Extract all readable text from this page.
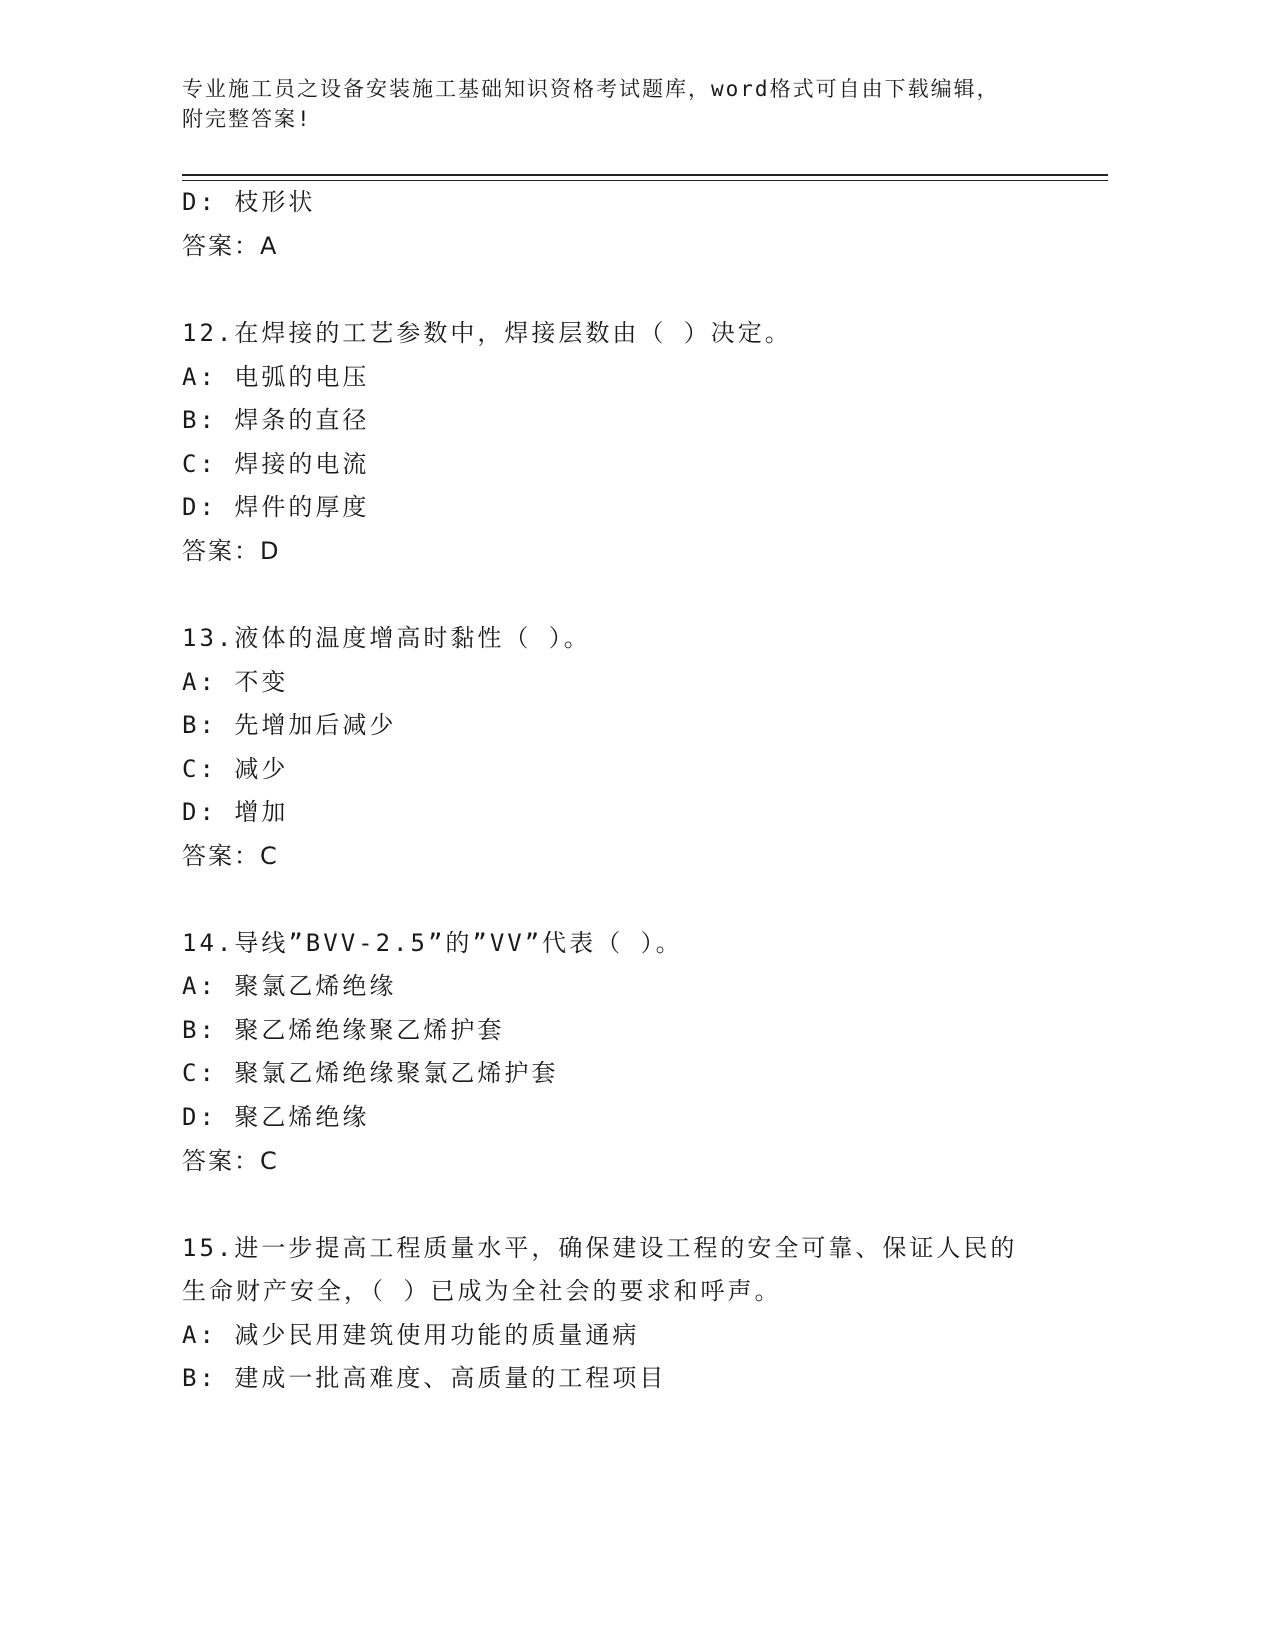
专业施工员之设备安装施工基础知识资格考试题库，word格式可自由下载编辑，
附完整答案!
D: 枝形状
答案：A
12.在焊接的工艺参数中，焊接层数由（ ）决定。
A: 电弧的电压
B: 焊条的直径
C: 焊接的电流
D: 焊件的厚度
答案：D
13.液体的温度增高时黏性（ ）。
A: 不变
B: 先增加后减少
C: 减少
D: 增加
答案：C
14.导线”BVV-2.5”的”VV”代表（ ）。
A: 聚氯乙烯绝缘
B: 聚乙烯绝缘聚乙烯护套
C: 聚氯乙烯绝缘聚氯乙烯护套
D: 聚乙烯绝缘
答案：C
15.进一步提高工程质量水平，确保建设工程的安全可靠、保证人民的
生命财产安全，（ ）已成为全社会的要求和呼声。
A: 减少民用建筑使用功能的质量通病
B: 建成一批高难度、高质量的工程项目
